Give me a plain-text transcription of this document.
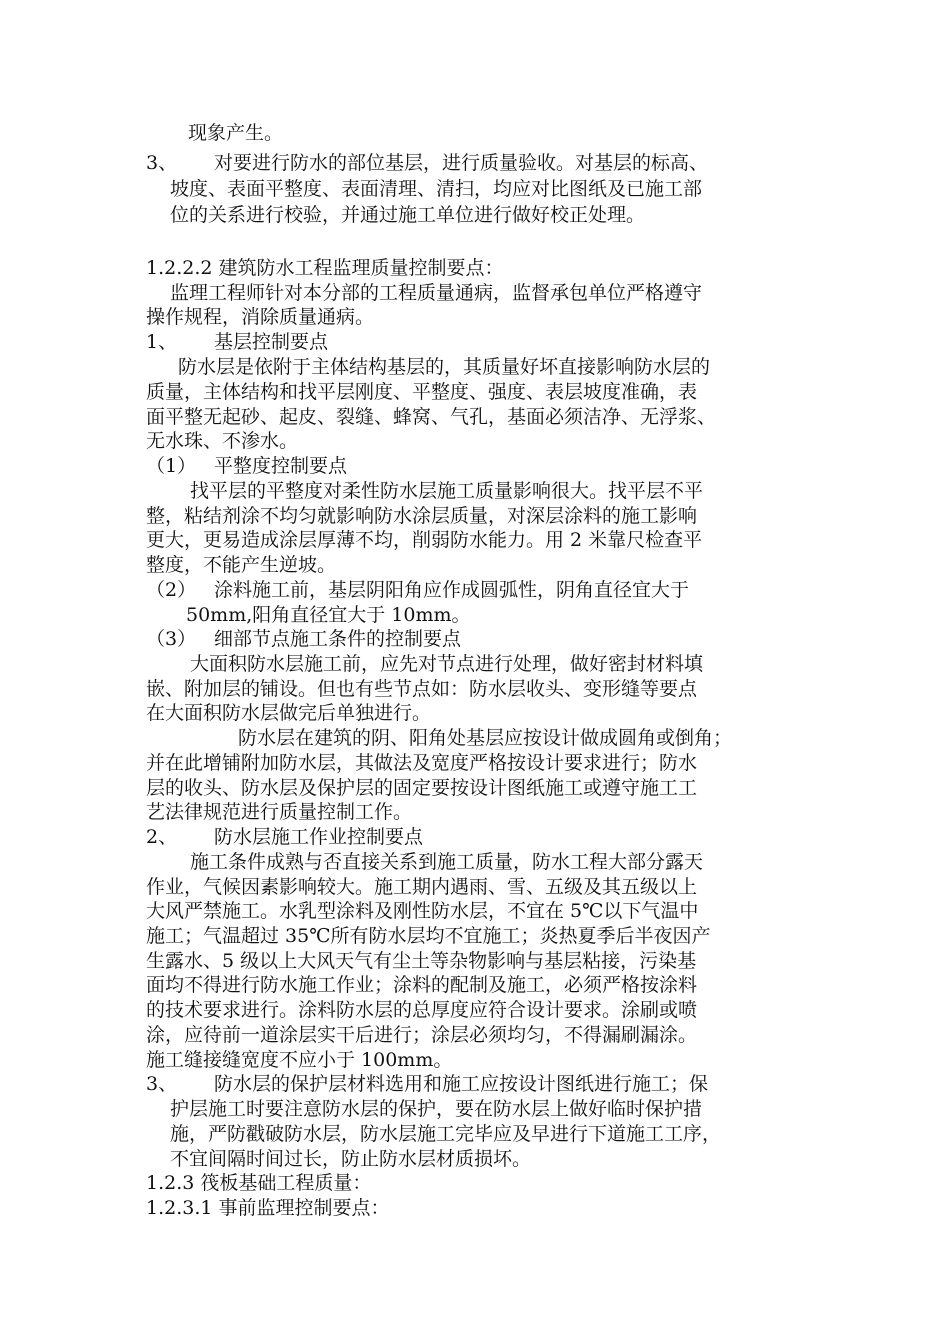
现象产生。
3、 对要进行防水的部位基层，进行质量验收。对基层的标高、
坡度、表面平整度、表面清理、清扫，均应对比图纸及已施工部
位的关系进行校验，并通过施工单位进行做好校正处理。
1.2.2.2 建筑防水工程监理质量控制要点：
监理工程师针对本分部的工程质量通病，监督承包单位严格遵守
操作规程，消除质量通病。
1、 基层控制要点
防水层是依附于主体结构基层的，其质量好坏直接影响防水层的
质量，主体结构和找平层刚度、平整度、强度、表层坡度准确，表
面平整无起砂、起皮、裂缝、蜂窝、气孔，基面必须洁净、无浮浆、
无水珠、不渗水。
（1） 平整度控制要点
找平层的平整度对柔性防水层施工质量影响很大。找平层不平
整，粘结剂涂不均匀就影响防水涂层质量，对深层涂料的施工影响
更大，更易造成涂层厚薄不均，削弱防水能力。用 2 米靠尺检查平
整度，不能产生逆坡。
（2） 涂料施工前，基层阴阳角应作成圆弧性，阴角直径宜大于
50mm,阳角直径宜大于 10mm。
（3） 细部节点施工条件的控制要点
大面积防水层施工前，应先对节点进行处理，做好密封材料填
嵌、附加层的铺设。但也有些节点如：防水层收头、变形缝等要点
在大面积防水层做完后单独进行。
防水层在建筑的阴、阳角处基层应按设计做成圆角或倒角；
并在此增铺附加防水层，其做法及宽度严格按设计要求进行；防水
层的收头、防水层及保护层的固定要按设计图纸施工或遵守施工工
艺法律规范进行质量控制工作。
2、 防水层施工作业控制要点
施工条件成熟与否直接关系到施工质量，防水工程大部分露天
作业，气候因素影响较大。施工期内遇雨、雪、五级及其五级以上
大风严禁施工。水乳型涂料及刚性防水层，不宜在 5℃以下气温中
施工；气温超过 35℃所有防水层均不宜施工；炎热夏季后半夜因产
生露水、5 级以上大风天气有尘土等杂物影响与基层粘接，污染基
面均不得进行防水施工作业；涂料的配制及施工，必须严格按涂料
的技术要求进行。涂料防水层的总厚度应符合设计要求。涂刷或喷
涂，应待前一道涂层实干后进行；涂层必须均匀，不得漏刷漏涂。
施工缝接缝宽度不应小于 100mm。
3、 防水层的保护层材料选用和施工应按设计图纸进行施工；保
护层施工时要注意防水层的保护，要在防水层上做好临时保护措
施，严防戳破防水层，防水层施工完毕应及早进行下道施工工序，
不宜间隔时间过长，防止防水层材质损坏。
1.2.3 筏板基础工程质量：
1.2.3.1 事前监理控制要点：
